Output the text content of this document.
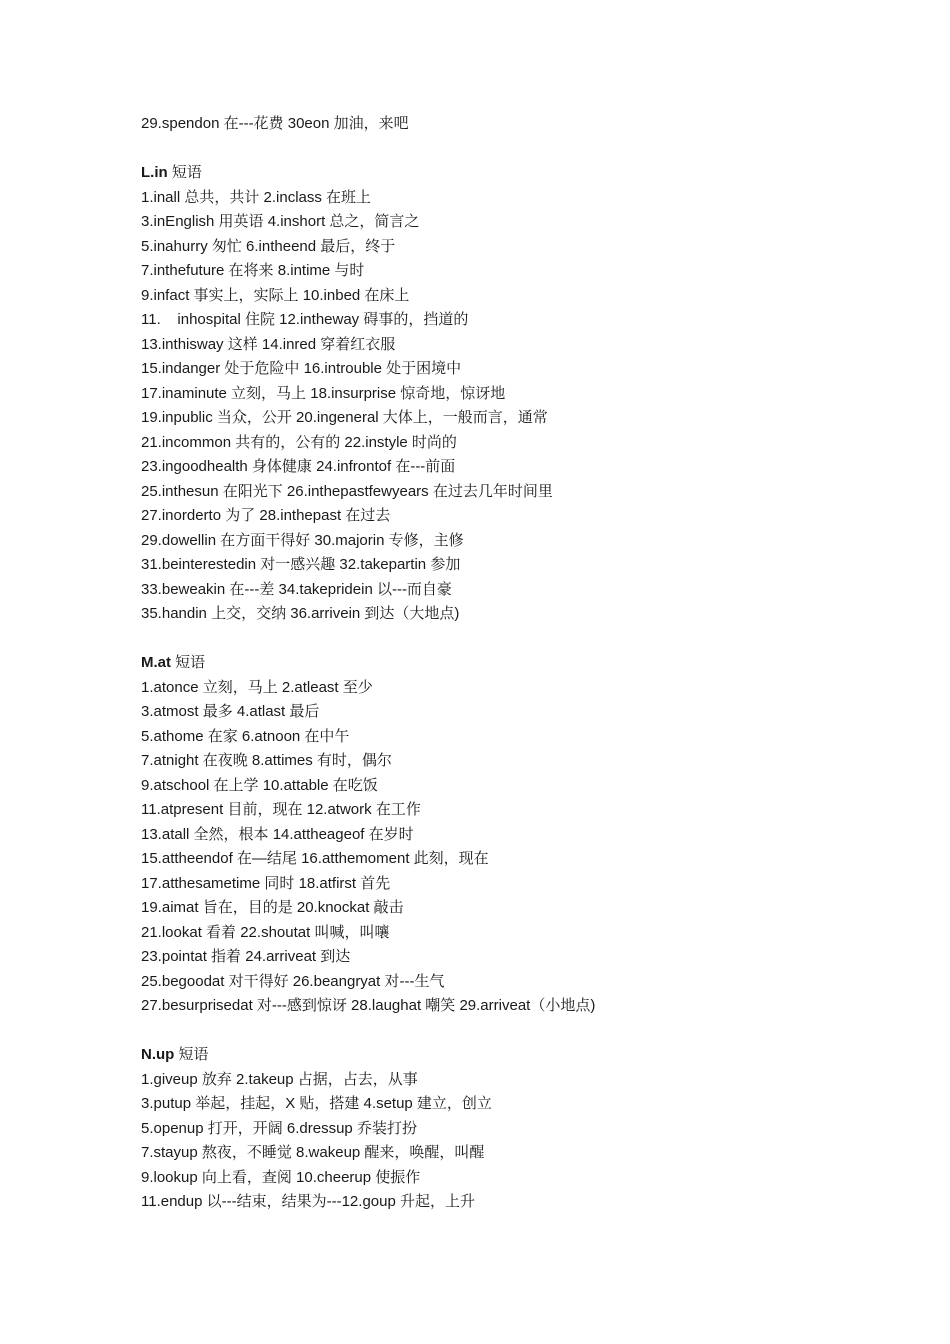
29.spendon 在---花费 30eon 加油，来吧
L.in 短语
1.inall 总共，共计 2.inclass 在班上
3.inEnglish 用英语 4.inshort 总之，简言之
5.inahurry 匆忙 6.intheend 最后，终于
7.inthefuture 在将来 8.intime 与时
9.infact 事实上，实际上 10.inbed 在床上
11.    inhospital 住院 12.intheway 碍事的，挡道的
13.inthisway 这样 14.inred 穿着红衣服
15.indanger 处于危险中 16.introuble 处于困境中
17.inaminute 立刻，马上 18.insurprise 惊奇地，惊讶地
19.inpublic 当众，公开 20.ingeneral 大体上，一般而言，通常
21.incommon 共有的，公有的 22.instyle 时尚的
23.ingoodhealth 身体健康 24.infrontof 在---前面
25.inthesun 在阳光下 26.inthepastfewyears 在过去几年时间里
27.inorderto 为了 28.inthepast 在过去
29.dowellin 在方面干得好 30.majorin 专修，主修
31.beinterestedin 对一感兴趣 32.takepartin 参加
33.beweakin 在---差 34.takepridein 以---而自豪
35.handin 上交，交纳 36.arrivein 到达（大地点)
M.at 短语
1.atonce 立刻，马上 2.atleast 至少
3.atmost 最多 4.atlast 最后
5.athome 在家 6.atnoon 在中午
7.atnight 在夜晚 8.attimes 有时，偶尔
9.atschool 在上学 10.attable 在吃饭
11.atpresent 目前，现在 12.atwork 在工作
13.atall 全然，根本 14.attheageof 在岁时
15.attheendof 在—结尾 16.atthemoment 此刻，现在
17.atthesametime 同时 18.atfirst 首先
19.aimat 旨在，目的是 20.knockat 敲击
21.lookat 看着 22.shoutat 叫喊，叫嚷
23.pointat 指着 24.arriveat 到达
25.begoodat 对干得好 26.beangryat 对---生气
27.besurprisedat 对---感到惊讶 28.laughat 嘲笑 29.arriveat（小地点)
N.up 短语
1.giveup 放弃 2.takeup 占据，占去，从事
3.putup 举起，挂起，X 贴，搭建 4.setup 建立，创立
5.openup 打开，开阔 6.dressup 乔装打扮
7.stayup 熬夜，不睡觉 8.wakeup 醒来，唤醒，叫醒
9.lookup 向上看，查阅 10.cheerup 使振作
11.endup 以---结束，结果为---12.goup 升起，上升
